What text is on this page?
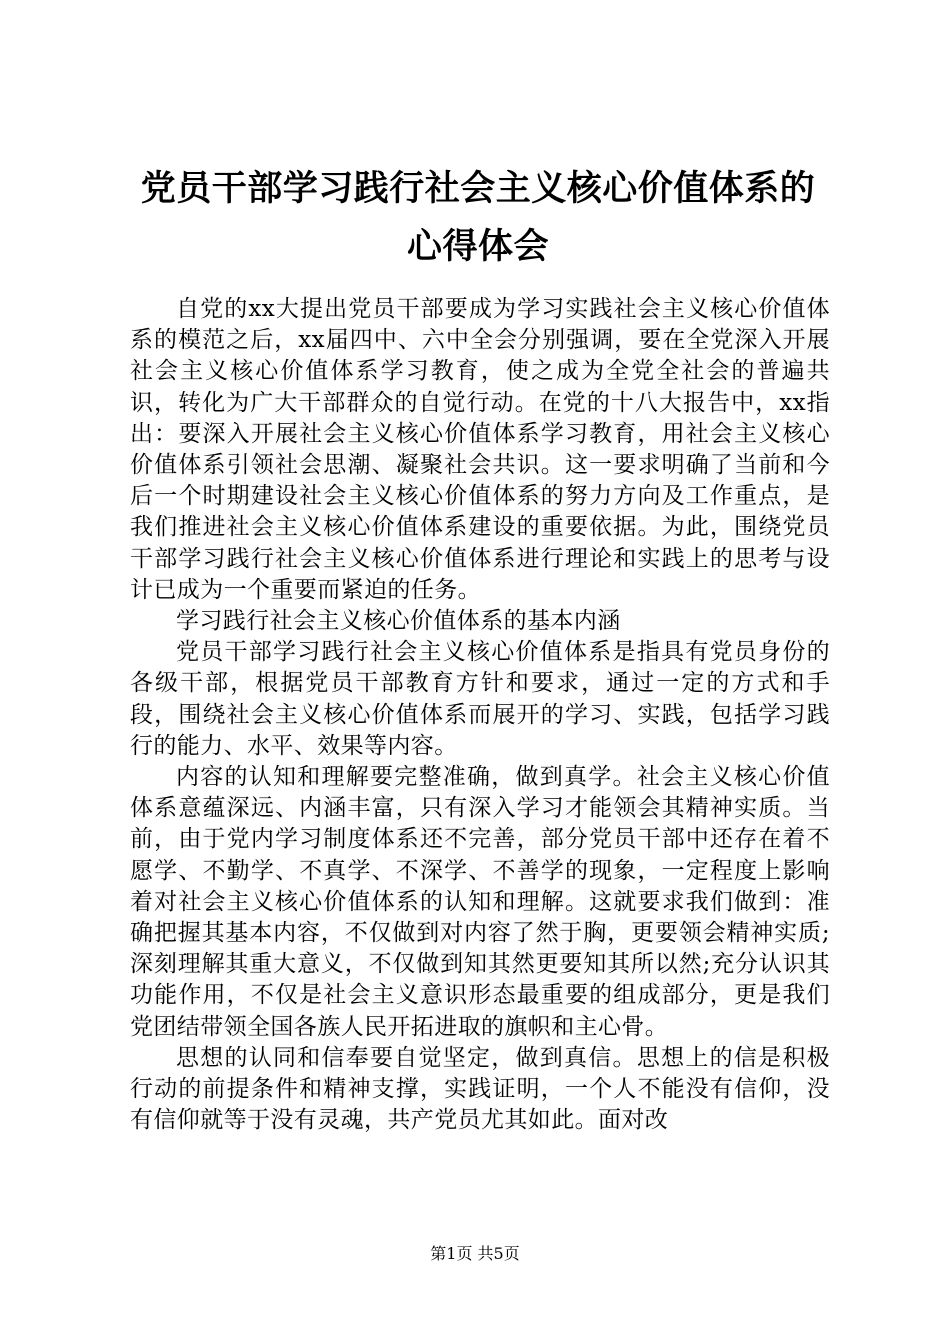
党员干部学习践行社会主义核心价值体系的心得体会

自党的xx大提出党员干部要成为学习实践社会主义核心价值体系的模范之后，xx届四中、六中全会分别强调，要在全党深入开展社会主义核心价值体系学习教育，使之成为全党全社会的普遍共识，转化为广大干部群众的自觉行动。在党的十八大报告中，xx指出：要深入开展社会主义核心价值体系学习教育，用社会主义核心价值体系引领社会思潮、凝聚社会共识。这一要求明确了当前和今后一个时期建设社会主义核心价值体系的努力方向及工作重点，是我们推进社会主义核心价值体系建设的重要依据。为此，围绕党员干部学习践行社会主义核心价值体系进行理论和实践上的思考与设计已成为一个重要而紧迫的任务。

学习践行社会主义核心价值体系的基本内涵

党员干部学习践行社会主义核心价值体系是指具有党员身份的各级干部，根据党员干部教育方针和要求，通过一定的方式和手段，围绕社会主义核心价值体系而展开的学习、实践，包括学习践行的能力、水平、效果等内容。

内容的认知和理解要完整准确，做到真学。社会主义核心价值体系意蕴深远、内涵丰富，只有深入学习才能领会其精神实质。当前，由于党内学习制度体系还不完善，部分党员干部中还存在着不愿学、不勤学、不真学、不深学、不善学的现象，一定程度上影响着对社会主义核心价值体系的认知和理解。这就要求我们做到：准确把握其基本内容，不仅做到对内容了然于胸，更要领会精神实质;深刻理解其重大意义，不仅做到知其然更要知其所以然;充分认识其功能作用，不仅是社会主义意识形态最重要的组成部分，更是我们党团结带领全国各族人民开拓进取的旗帜和主心骨。

思想的认同和信奉要自觉坚定，做到真信。思想上的信是积极行动的前提条件和精神支撑，实践证明，一个人不能没有信仰，没有信仰就等于没有灵魂，共产党员尤其如此。面对改

第1页 共5页
